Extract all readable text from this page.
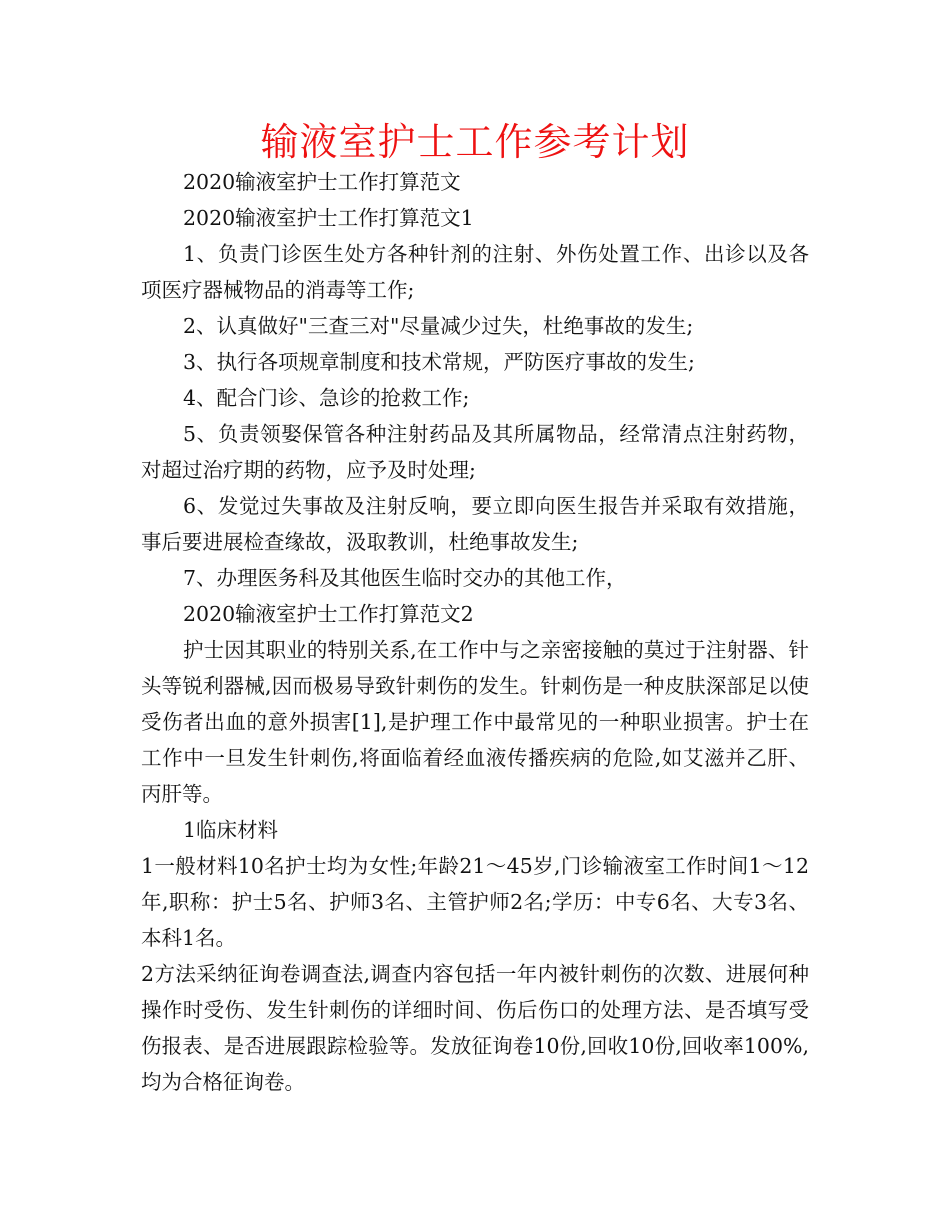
输液室护士工作参考计划

2020输液室护士工作打算范文

2020输液室护士工作打算范文1

1、负责门诊医生处方各种针剂的注射、外伤处置工作、出诊以及各项医疗器械物品的消毒等工作;

2、认真做好"三查三对"尽量减少过失，杜绝事故的发生;

3、执行各项规章制度和技术常规，严防医疗事故的发生;

4、配合门诊、急诊的抢救工作;

5、负责领娶保管各种注射药品及其所属物品，经常清点注射药物，对超过治疗期的药物，应予及时处理;

6、发觉过失事故及注射反响，要立即向医生报告并采取有效措施，事后要进展检查缘故，汲取教训，杜绝事故发生;

7、办理医务科及其他医生临时交办的其他工作，

2020输液室护士工作打算范文2

护士因其职业的特别关系,在工作中与之亲密接触的莫过于注射器、针头等锐利器械,因而极易导致针刺伤的发生。针刺伤是一种皮肤深部足以使受伤者出血的意外损害[1],是护理工作中最常见的一种职业损害。护士在工作中一旦发生针刺伤,将面临着经血液传播疾病的危险,如艾滋并乙肝、丙肝等。

1临床材料

1一般材料10名护士均为女性;年龄21～45岁,门诊输液室工作时间1～12年,职称：护士5名、护师3名、主管护师2名;学历：中专6名、大专3名、本科1名。

2方法采纳征询卷调查法,调查内容包括一年内被针刺伤的次数、进展何种操作时受伤、发生针刺伤的详细时间、伤后伤口的处理方法、是否填写受伤报表、是否进展跟踪检验等。发放征询卷10份,回收10份,回收率100%,均为合格征询卷。
